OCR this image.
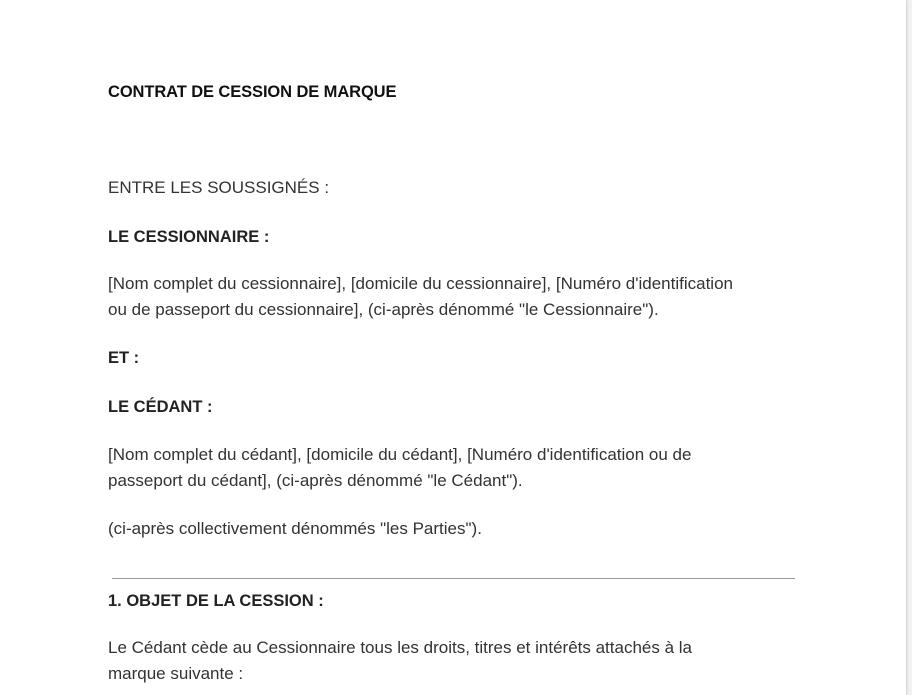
CONTRAT DE CESSION DE MARQUE

ENTRE LES SOUSSIGNÉS :

LE CESSIONNAIRE :

[Nom complet du cessionnaire], [domicile du cessionnaire], [Numéro d'identification

ou de passeport du cessionnaire], (ci-après dénommé "le Cessionnaire").

ET :

LE CÉDANT :

[Nom complet du cédant], [domicile du cédant], [Numéro d'identification ou de

passeport du cédant], (ci-après dénommé "le Cédant").

(ci-après collectivement dénommés "les Parties").

1. OBJET DE LA CESSION :

Le Cédant cède au Cessionnaire tous les droits, titres et intérêts attachés à la

marque suivante :
